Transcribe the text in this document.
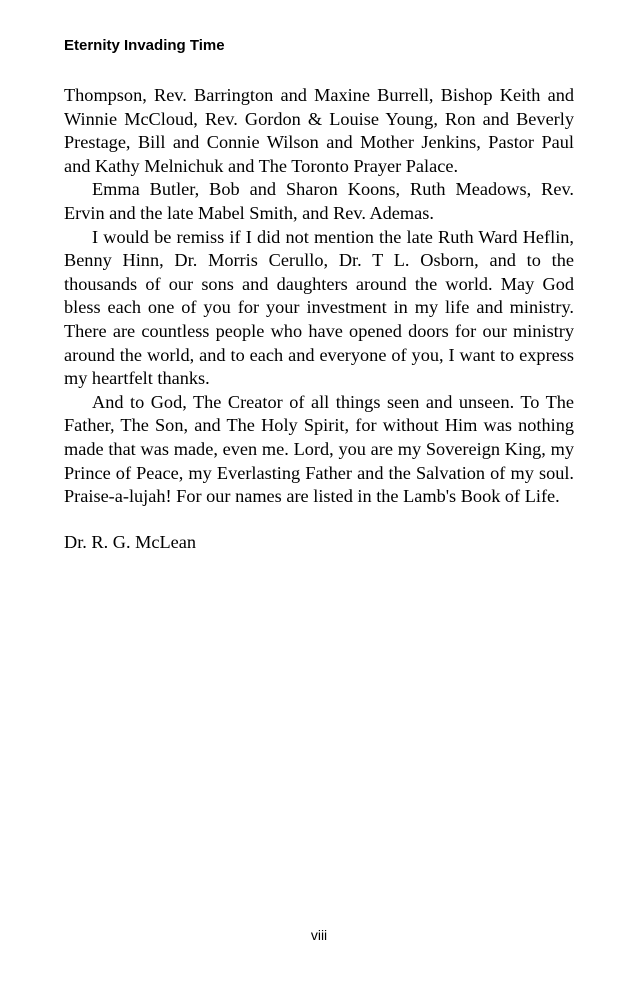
Eternity Invading Time

Thompson, Rev. Barrington and Maxine Burrell, Bishop Keith and Winnie McCloud, Rev. Gordon & Louise Young, Ron and Beverly Prestage, Bill and Connie Wilson and Mother Jenkins, Pastor Paul and Kathy Melnichuk and The Toronto Prayer Palace.

Emma Butler, Bob and Sharon Koons, Ruth Meadows, Rev. Ervin and the late Mabel Smith, and Rev. Ademas.

I would be remiss if I did not mention the late Ruth Ward Heflin, Benny Hinn, Dr. Morris Cerullo, Dr. T L. Osborn, and to the thousands of our sons and daughters around the world. May God bless each one of you for your investment in my life and ministry. There are countless people who have opened doors for our ministry around the world, and to each and everyone of you, I want to express my heartfelt thanks.

And to God, The Creator of all things seen and unseen. To The Father, The Son, and The Holy Spirit, for without Him was nothing made that was made, even me. Lord, you are my Sovereign King, my Prince of Peace, my Everlasting Father and the Salvation of my soul. Praise-a-lujah! For our names are listed in the Lamb's Book of Life.

Dr. R. G. McLean

viii
